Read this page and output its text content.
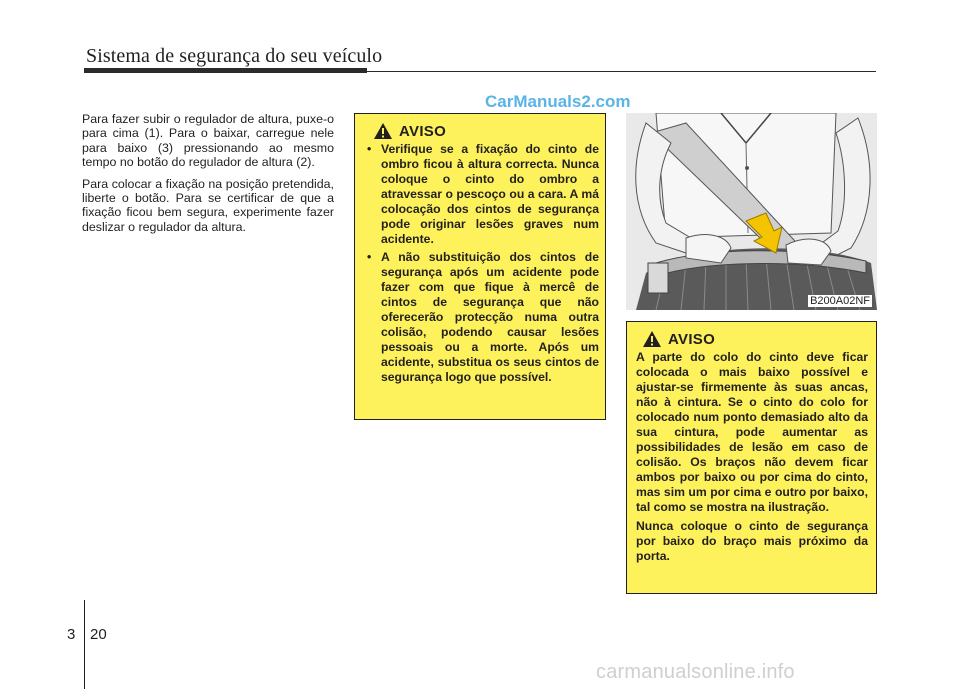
Sistema de segurança do seu veículo
CarManuals2.com

Para fazer subir o regulador de altura, puxe-o para cima (1). Para o baixar, carregue nele para baixo (3) pressionando ao mesmo tempo no botão do regulador de altura (2).

Para colocar a fixação na posição pretendida, liberte o botão. Para se certificar de que a fixação ficou bem segura, experimente fazer deslizar o regulador da altura.

AVISO
• Verifique se a fixação do cinto de ombro ficou à altura correcta. Nunca coloque o cinto do ombro a atravessar o pescoço ou a cara. A má colocação dos cintos de segurança pode originar lesões graves num acidente.
• A não substituição dos cintos de segurança após um acidente pode fazer com que fique à mercê de cintos de segurança que não oferecerão protecção numa outra colisão, podendo causar lesões pessoais ou a morte. Após um acidente, substitua os seus cintos de segurança logo que possível.
B200A02NF
AVISO

A parte do colo do cinto deve ficar colocada o mais baixo possível e ajustar-se firmemente às suas ancas, não à cintura. Se o cinto do colo for colocado num ponto demasiado alto da sua cintura, pode aumentar as possibilidades de lesão em caso de colisão. Os braços não devem ficar ambos por baixo ou por cima do cinto, mas sim um por cima e outro por baixo, tal como se mostra na ilustração.

Nunca coloque o cinto de segurança por baixo do braço mais próximo da porta.

3 20
carmanualsonline.info
